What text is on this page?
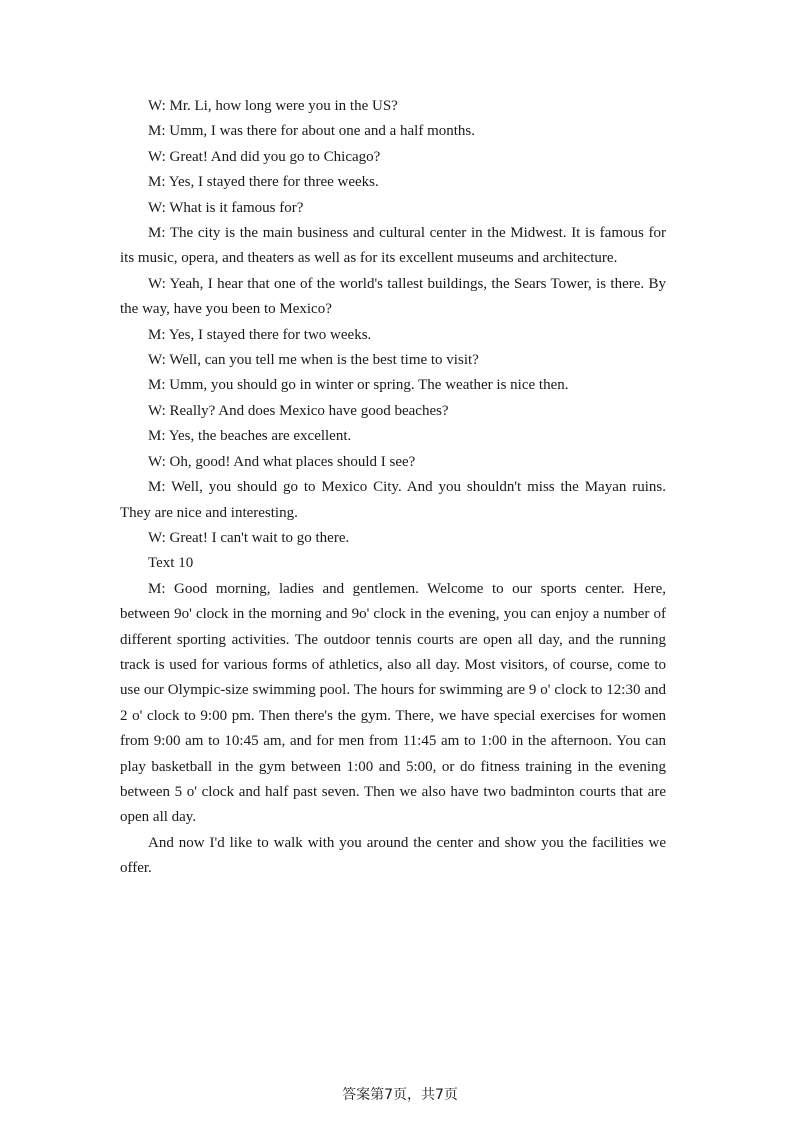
W: Mr. Li, how long were you in the US?

M: Umm, I was there for about one and a half months.

W: Great! And did you go to Chicago?

M: Yes, I stayed there for three weeks.

W: What is it famous for?

M: The city is the main business and cultural center in the Midwest. It is famous for its music, opera, and theaters as well as for its excellent museums and architecture.

W: Yeah, I hear that one of the world's tallest buildings, the Sears Tower, is there. By the way, have you been to Mexico?

M: Yes, I stayed there for two weeks.

W: Well, can you tell me when is the best time to visit?

M: Umm, you should go in winter or spring. The weather is nice then.

W: Really? And does Mexico have good beaches?

M: Yes, the beaches are excellent.

W: Oh, good! And what places should I see?

M: Well, you should go to Mexico City. And you shouldn't miss the Mayan ruins. They are nice and interesting.

W: Great! I can't wait to go there.

Text 10

M: Good morning, ladies and gentlemen. Welcome to our sports center. Here, between 9o' clock in the morning and 9o' clock in the evening, you can enjoy a number of different sporting activities. The outdoor tennis courts are open all day, and the running track is used for various forms of athletics, also all day. Most visitors, of course, come to use our Olympic-size swimming pool. The hours for swimming are 9 o' clock to 12:30 and 2 o' clock to 9:00 pm. Then there's the gym. There, we have special exercises for women from 9:00 am to 10:45 am, and for men from 11:45 am to 1:00 in the afternoon. You can play basketball in the gym between 1:00 and 5:00, or do fitness training in the evening between 5 o' clock and half past seven. Then we also have two badminton courts that are open all day.

And now I'd like to walk with you around the center and show you the facilities we offer.

答案第7页，共7页
